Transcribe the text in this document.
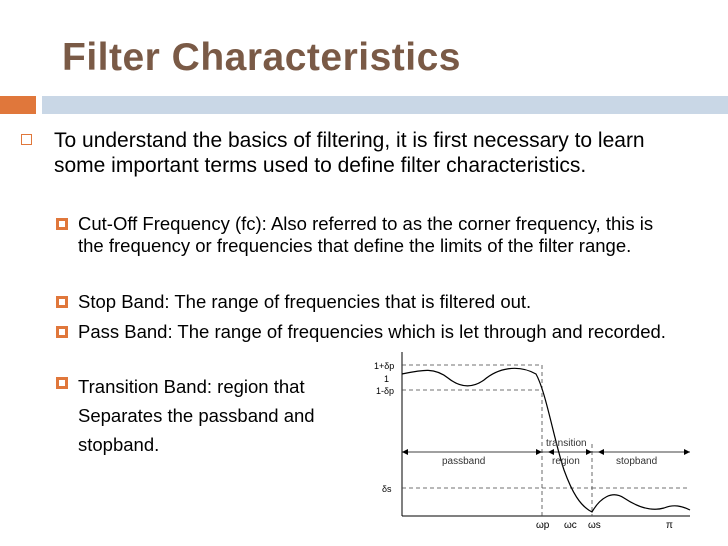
Filter Characteristics
To understand the basics of filtering, it is first necessary to learn some important terms used to define filter characteristics.
Cut-Off Frequency (fc): Also referred to as the corner frequency, this is the frequency or frequencies that define the limits of the filter range.
Stop Band: The range of frequencies that is filtered out.
Pass Band: The range of frequencies which is let through and recorded.
Transition Band: region that
Separates the passband and
stopband.
1+δp
1
1-δp
δs
passband
transition
region	stopband
ωp ωc ωs	π
